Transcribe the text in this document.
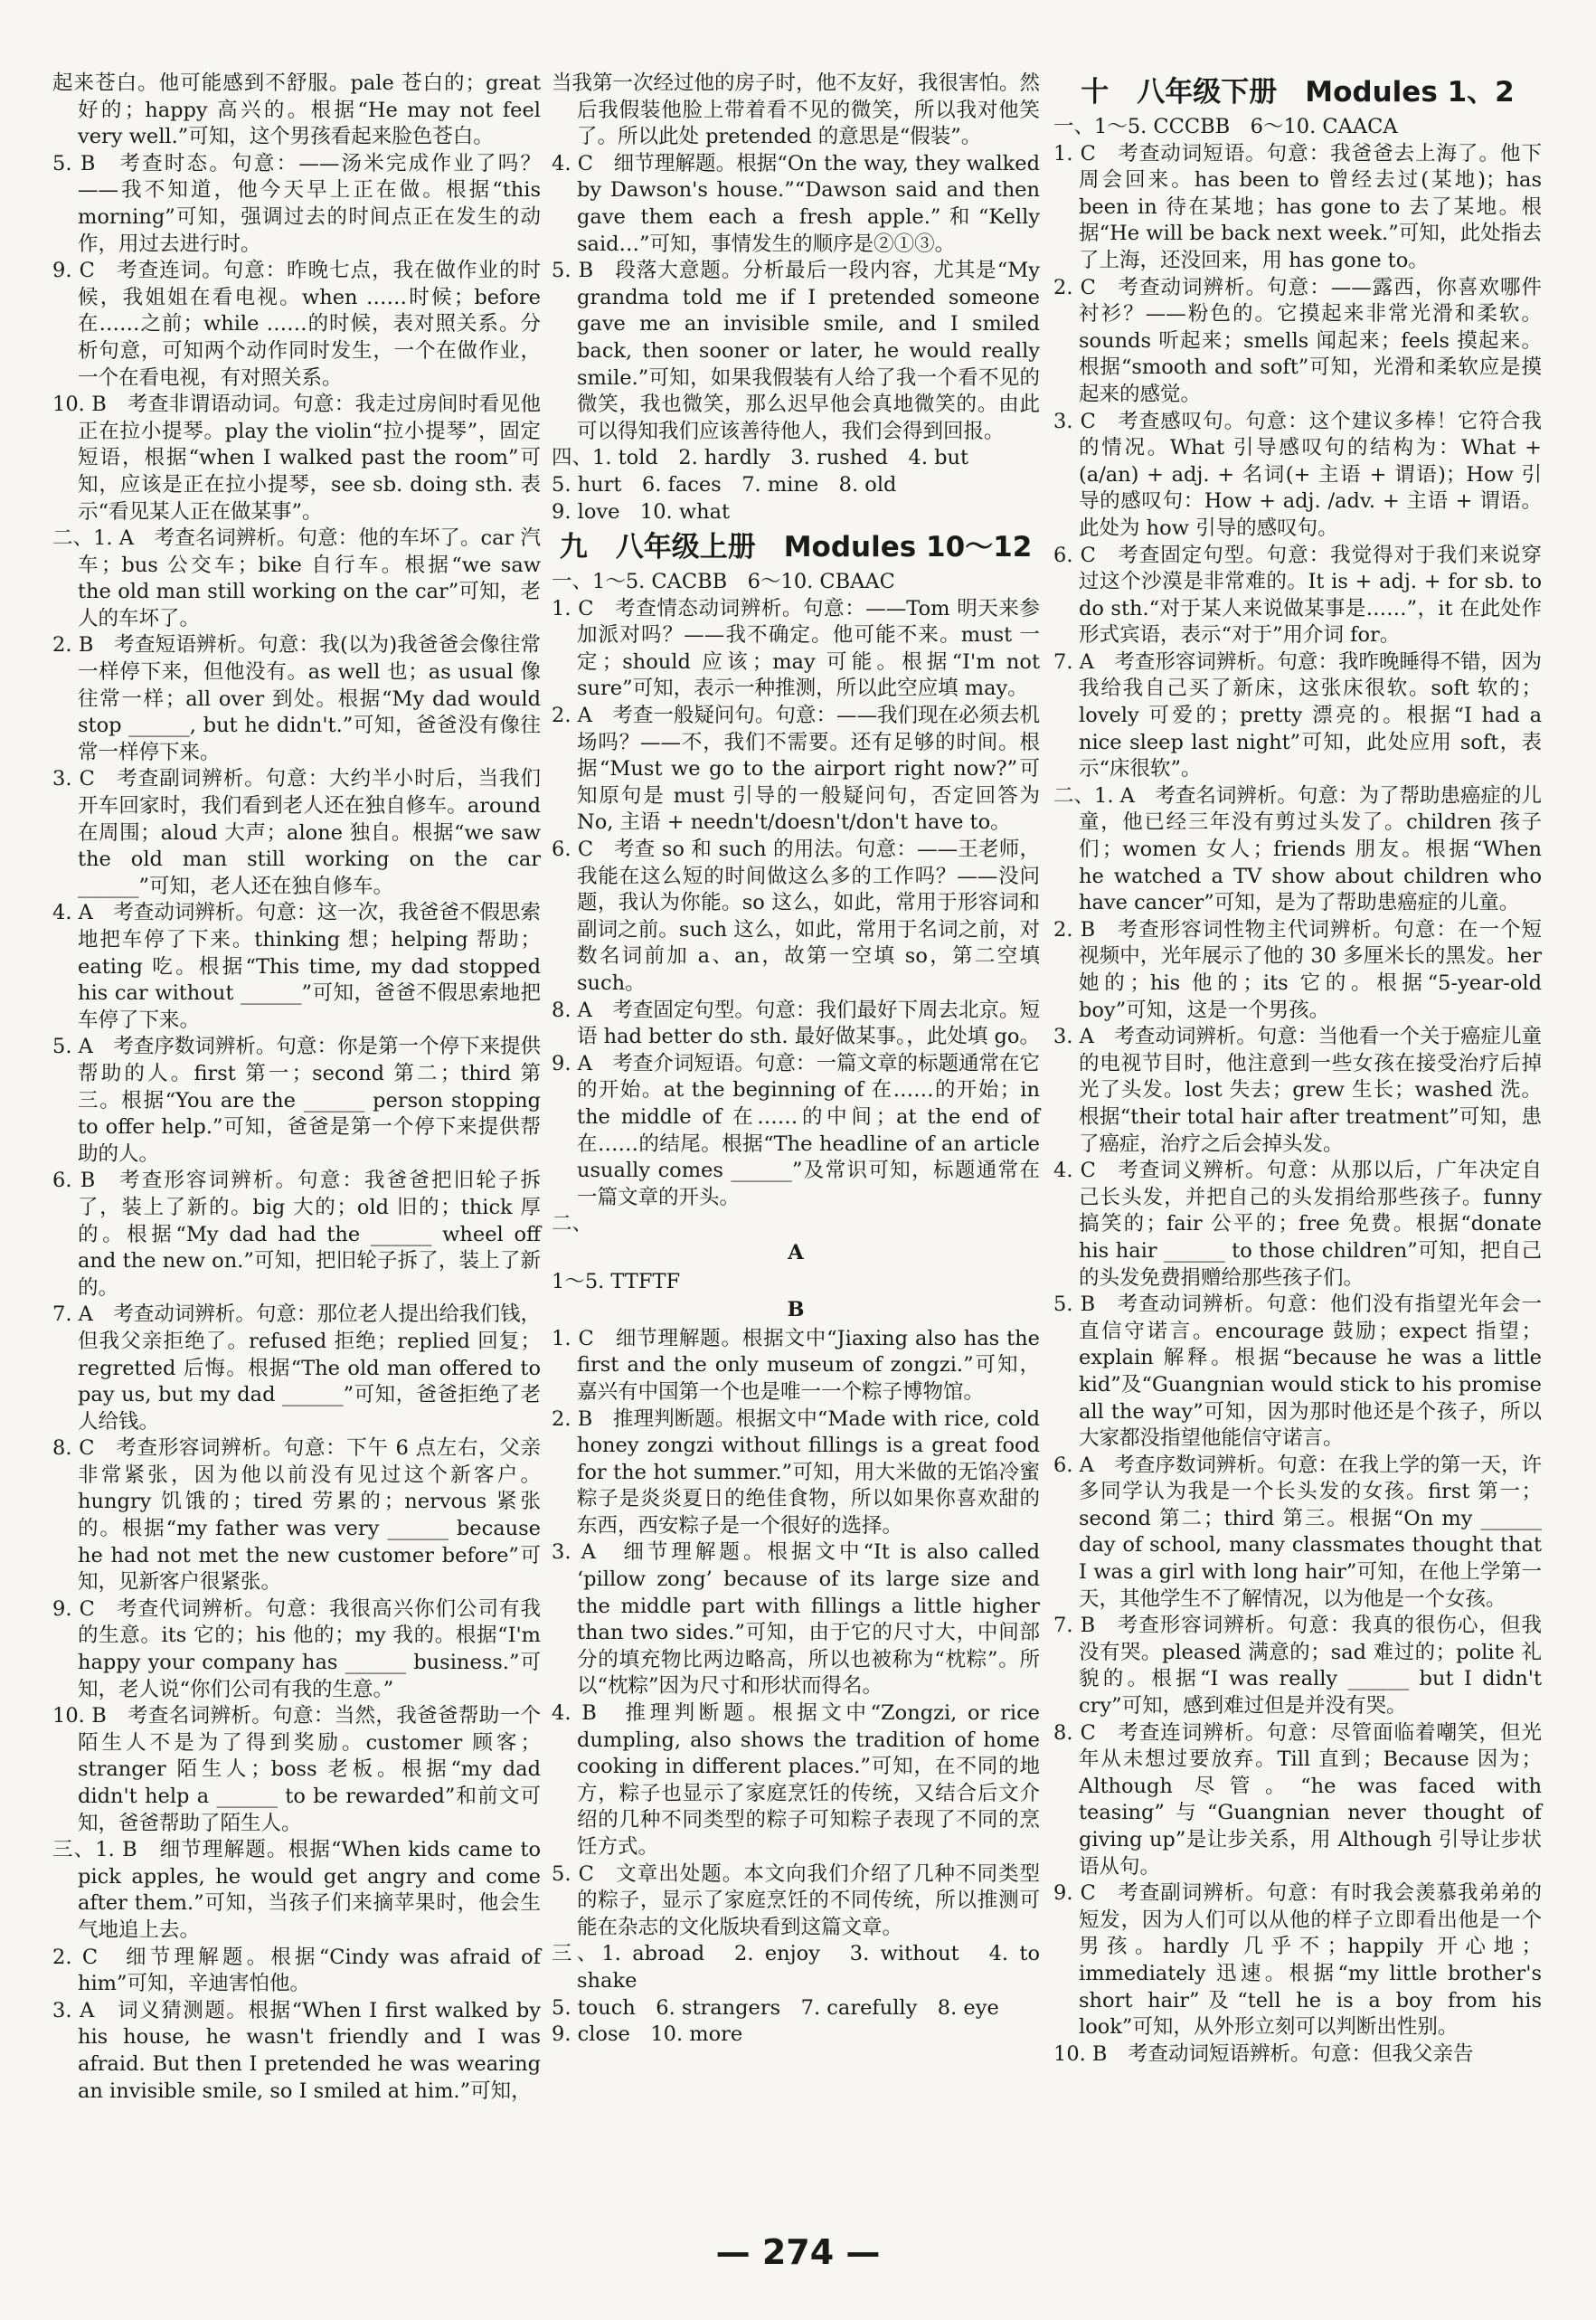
起来苍白。他可能感到不舒服。pale 苍白的；great 好的；happy 高兴的。根据“He may not feel very well.”可知，这个男孩看起来脸色苍白。

5. B　考查时态。句意：——汤米完成作业了吗？——我不知道，他今天早上正在做。根据“this morning”可知，强调过去的时间点正在发生的动作，用过去进行时。

9. C　考查连词。句意：昨晚七点，我在做作业的时候，我姐姐在看电视。when ……时候；before 在……之前；while ……的时候，表对照关系。分析句意，可知两个动作同时发生，一个在做作业，一个在看电视，有对照关系。

10. B　考查非谓语动词。句意：我走过房间时看见他正在拉小提琴。play the violin“拉小提琴”，固定短语，根据“when I walked past the room”可知，应该是正在拉小提琴，see sb. doing sth. 表示“看见某人正在做某事”。

二、1. A　考查名词辨析。句意：他的车坏了。car 汽车；bus 公交车；bike 自行车。根据“we saw the old man still working on the car”可知，老人的车坏了。

2. B　考查短语辨析。句意：我(以为)我爸爸会像往常一样停下来，但他没有。as well 也；as usual 像往常一样；all over 到处。根据“My dad would stop ______, but he didn't.”可知，爸爸没有像往常一样停下来。

3. C　考查副词辨析。句意：大约半小时后，当我们开车回家时，我们看到老人还在独自修车。around 在周围；aloud 大声；alone 独自。根据“we saw the old man still working on the car ______”可知，老人还在独自修车。

4. A　考查动词辨析。句意：这一次，我爸爸不假思索地把车停了下来。thinking 想；helping 帮助；eating 吃。根据“This time, my dad stopped his car without ______”可知，爸爸不假思索地把车停了下来。

5. A　考查序数词辨析。句意：你是第一个停下来提供帮助的人。first 第一；second 第二；third 第三。根据“You are the ______ person stopping to offer help.”可知，爸爸是第一个停下来提供帮助的人。

6. B　考查形容词辨析。句意：我爸爸把旧轮子拆了，装上了新的。big 大的；old 旧的；thick 厚的。根据“My dad had the ______ wheel off and the new on.”可知，把旧轮子拆了，装上了新的。

7. A　考查动词辨析。句意：那位老人提出给我们钱，但我父亲拒绝了。refused 拒绝；replied 回复；regretted 后悔。根据“The old man offered to pay us, but my dad ______”可知，爸爸拒绝了老人给钱。

8. C　考查形容词辨析。句意：下午 6 点左右，父亲非常紧张，因为他以前没有见过这个新客户。hungry 饥饿的；tired 劳累的；nervous 紧张的。根据“my father was very ______ because he had not met the new customer before”可知，见新客户很紧张。

9. C　考查代词辨析。句意：我很高兴你们公司有我的生意。its 它的；his 他的；my 我的。根据“I'm happy your company has ______ business.”可知，老人说“你们公司有我的生意。”

10. B　考查名词辨析。句意：当然，我爸爸帮助一个陌生人不是为了得到奖励。customer 顾客；stranger 陌生人；boss 老板。根据“my dad didn't help a ______ to be rewarded”和前文可知，爸爸帮助了陌生人。

三、1. B　细节理解题。根据“When kids came to pick apples, he would get angry and come after them.”可知，当孩子们来摘苹果时，他会生气地追上去。

2. C　细节理解题。根据“Cindy was afraid of him”可知，辛迪害怕他。

3. A　词义猜测题。根据“When I first walked by his house, he wasn't friendly and I was afraid. But then I pretended he was wearing an invisible smile, so I smiled at him.”可知，

当我第一次经过他的房子时，他不友好，我很害怕。然后我假装他脸上带着看不见的微笑，所以我对他笑了。所以此处 pretended 的意思是“假装”。

4. C　细节理解题。根据“On the way, they walked by Dawson's house.”“Dawson said and then gave them each a fresh apple.”和“Kelly said…”可知，事情发生的顺序是②①③。

5. B　段落大意题。分析最后一段内容，尤其是“My grandma told me if I pretended someone gave me an invisible smile, and I smiled back, then sooner or later, he would really smile.”可知，如果我假装有人给了我一个看不见的微笑，我也微笑，那么迟早他会真地微笑的。由此可以得知我们应该善待他人，我们会得到回报。

四、1. told　2. hardly　3. rushed　4. but

5. hurt　6. faces　7. mine　8. old

9. love　10. what

九　八年级上册　Modules 10～12

一、1～5. CACBB　6～10. CBAAC

1. C　考查情态动词辨析。句意：——Tom 明天来参加派对吗？——我不确定。他可能不来。must 一定；should 应该；may 可能。根据“I'm not sure”可知，表示一种推测，所以此空应填 may。

2. A　考查一般疑问句。句意：——我们现在必须去机场吗？——不，我们不需要。还有足够的时间。根据“Must we go to the airport right now?”可知原句是 must 引导的一般疑问句，否定回答为 No, 主语 + needn't/doesn't/don't have to。

6. C　考查 so 和 such 的用法。句意：——王老师，我能在这么短的时间做这么多的工作吗？——没问题，我认为你能。so 这么，如此，常用于形容词和副词之前。such 这么，如此，常用于名词之前，对数名词前加 a、an，故第一空填 so，第二空填 such。

8. A　考查固定句型。句意：我们最好下周去北京。短语 had better do sth. 最好做某事。，此处填 go。

9. A　考查介词短语。句意：一篇文章的标题通常在它的开始。at the beginning of 在……的开始；in the middle of 在……的中间；at the end of 在……的结尾。根据“The headline of an article usually comes ______”及常识可知，标题通常在一篇文章的开头。

二、
A

1～5. TTFTF

B

1. C　细节理解题。根据文中“Jiaxing also has the first and the only museum of zongzi.”可知，嘉兴有中国第一个也是唯一一个粽子博物馆。

2. B　推理判断题。根据文中“Made with rice, cold honey zongzi without fillings is a great food for the hot summer.”可知，用大米做的无馅冷蜜粽子是炎炎夏日的绝佳食物，所以如果你喜欢甜的东西，西安粽子是一个很好的选择。

3. A　细节理解题。根据文中“It is also called ‘pillow zong’ because of its large size and the middle part with fillings a little higher than two sides.”可知，由于它的尺寸大，中间部分的填充物比两边略高，所以也被称为“枕粽”。所以“枕粽”因为尺寸和形状而得名。

4. B　推理判断题。根据文中“Zongzi, or rice dumpling, also shows the tradition of home cooking in different places.”可知，在不同的地方，粽子也显示了家庭烹饪的传统，又结合后文介绍的几种不同类型的粽子可知粽子表现了不同的烹饪方式。

5. C　文章出处题。本文向我们介绍了几种不同类型的粽子，显示了家庭烹饪的不同传统，所以推测可能在杂志的文化版块看到这篇文章。

三、1. abroad　2. enjoy　3. without　4. to shake

5. touch　6. strangers　7. carefully　8. eye

9. close　10. more

十　八年级下册　Modules 1、2

一、1～5. CCCBB　6～10. CAACA

1. C　考查动词短语。句意：我爸爸去上海了。他下周会回来。has been to 曾经去过(某地)；has been in 待在某地；has gone to 去了某地。根据“He will be back next week.”可知，此处指去了上海，还没回来，用 has gone to。

2. C　考查动词辨析。句意：——露西，你喜欢哪件衬衫？——粉色的。它摸起来非常光滑和柔软。sounds 听起来；smells 闻起来；feels 摸起来。根据“smooth and soft”可知，光滑和柔软应是摸起来的感觉。

3. C　考查感叹句。句意：这个建议多棒！它符合我的情况。What 引导感叹句的结构为：What + (a/an) + adj. + 名词(+ 主语 + 谓语)；How 引导的感叹句：How + adj. /adv. + 主语 + 谓语。此处为 how 引导的感叹句。

6. C　考查固定句型。句意：我觉得对于我们来说穿过这个沙漠是非常难的。It is + adj. + for sb. to do sth.“对于某人来说做某事是……”，it 在此处作形式宾语，表示“对于”用介词 for。

7. A　考查形容词辨析。句意：我昨晚睡得不错，因为我给我自己买了新床，这张床很软。soft 软的；lovely 可爱的；pretty 漂亮的。根据“I had a nice sleep last night”可知，此处应用 soft，表示“床很软”。

二、1. A　考查名词辨析。句意：为了帮助患癌症的儿童，他已经三年没有剪过头发了。children 孩子们；women 女人；friends 朋友。根据“When he watched a TV show about children who have cancer”可知，是为了帮助患癌症的儿童。

2. B　考查形容词性物主代词辨析。句意：在一个短视频中，光年展示了他的 30 多厘米长的黑发。her 她的；his 他的；its 它的。根据“5-year-old boy”可知，这是一个男孩。

3. A　考查动词辨析。句意：当他看一个关于癌症儿童的电视节目时，他注意到一些女孩在接受治疗后掉光了头发。lost 失去；grew 生长；washed 洗。根据“their total hair after treatment”可知，患了癌症，治疗之后会掉头发。

4. C　考查词义辨析。句意：从那以后，广年决定自己长头发，并把自己的头发捐给那些孩子。funny 搞笑的；fair 公平的；free 免费。根据“donate his hair ______ to those children”可知，把自己的头发免费捐赠给那些孩子们。

5. B　考查动词辨析。句意：他们没有指望光年会一直信守诺言。encourage 鼓励；expect 指望；explain 解释。根据“because he was a little kid”及“Guangnian would stick to his promise all the way”可知，因为那时他还是个孩子，所以大家都没指望他能信守诺言。

6. A　考查序数词辨析。句意：在我上学的第一天，许多同学认为我是一个长头发的女孩。first 第一；second 第二；third 第三。根据“On my ______ day of school, many classmates thought that I was a girl with long hair”可知，在他上学第一天，其他学生不了解情况，以为他是一个女孩。

7. B　考查形容词辨析。句意：我真的很伤心，但我没有哭。pleased 满意的；sad 难过的；polite 礼貌的。根据“I was really ______ but I didn't cry”可知，感到难过但是并没有哭。

8. C　考查连词辨析。句意：尽管面临着嘲笑，但光年从未想过要放弃。Till 直到；Because 因为；Although 尽管。“he was faced with teasing”与“Guangnian never thought of giving up”是让步关系，用 Although 引导让步状语从句。

9. C　考查副词辨析。句意：有时我会羡慕我弟弟的短发，因为人们可以从他的样子立即看出他是一个男孩。hardly 几乎不；happily 开心地；immediately 迅速。根据“my little brother's short hair”及“tell he is a boy from his look”可知，从外形立刻可以判断出性别。

10. B　考查动词短语辨析。句意：但我父亲告

— 274 —
